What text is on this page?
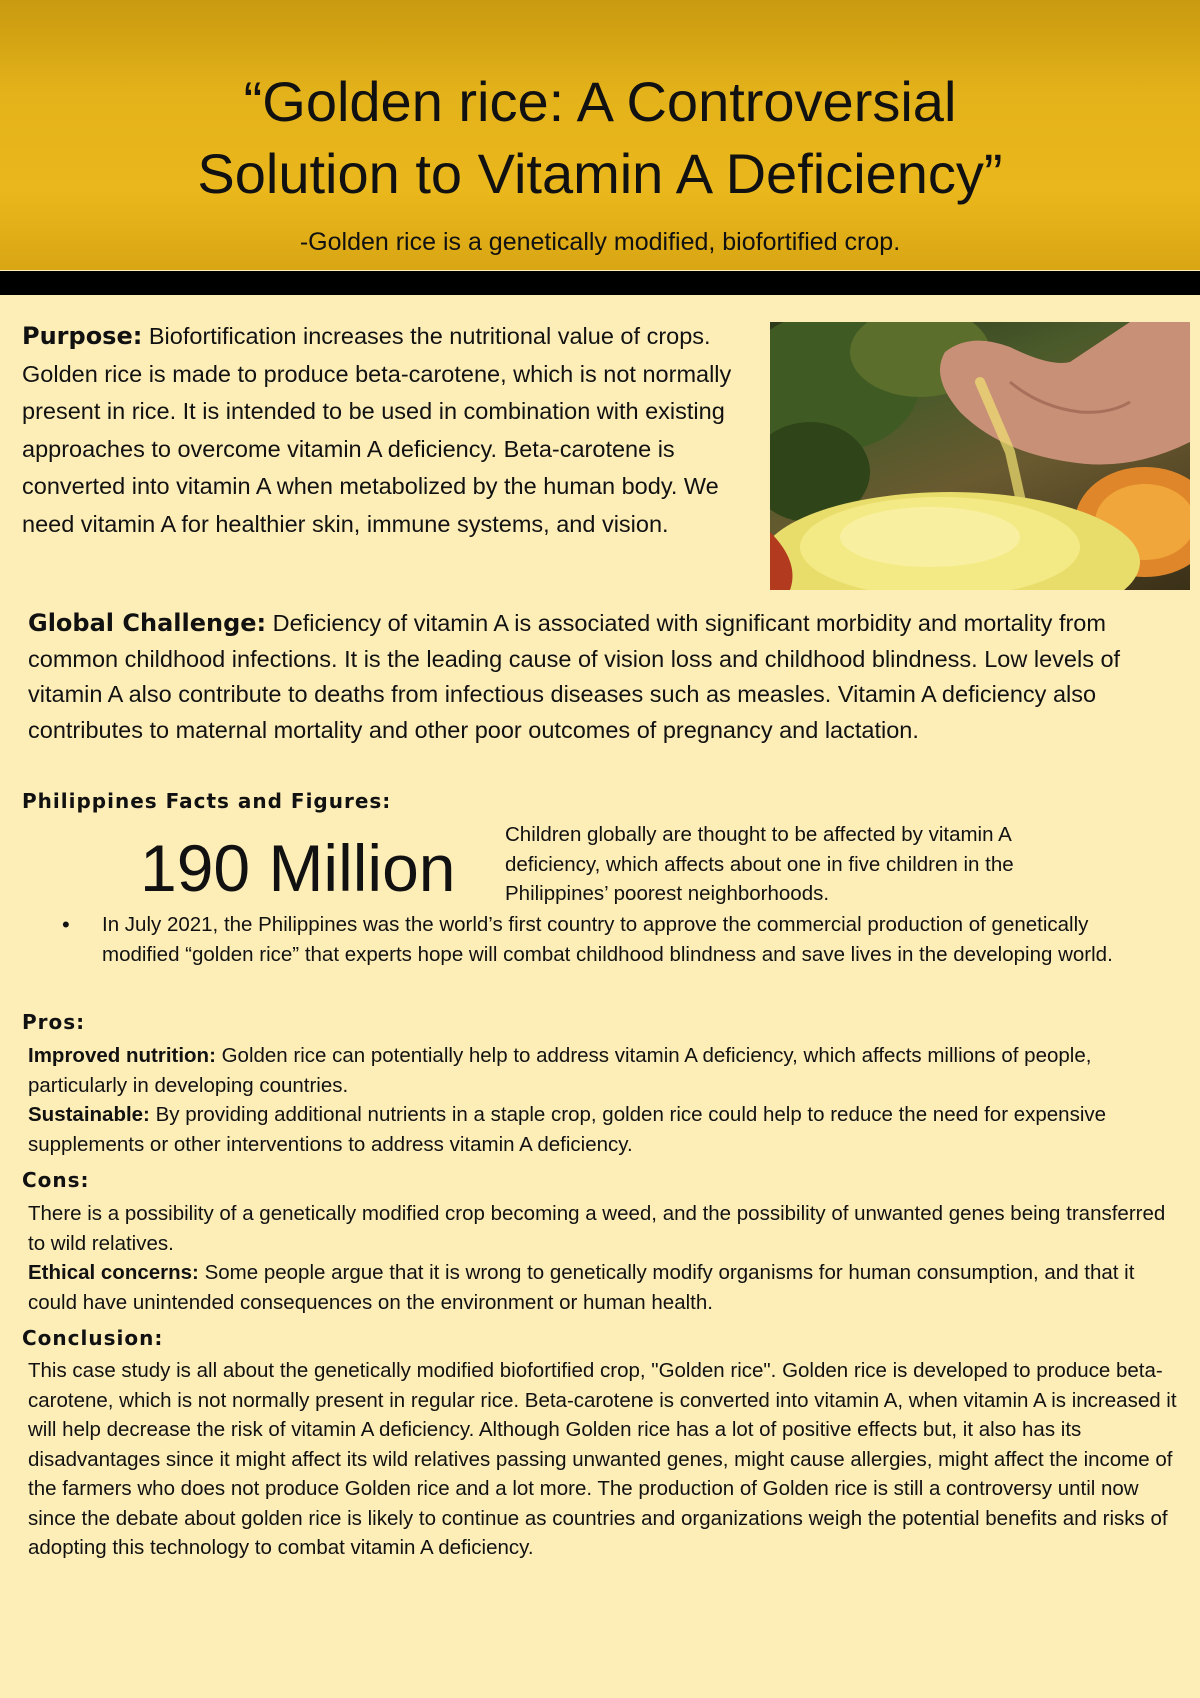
“Golden rice: A Controversial
Solution to Vitamin A Deficiency”
-Golden rice is a genetically modified, biofortified crop.
Purpose: Biofortification increases the nutritional value of crops. Golden rice is made to produce beta-carotene, which is not normally present in rice. It is intended to be used in combination with existing approaches to overcome vitamin A deficiency. Beta-carotene is converted into vitamin A when metabolized by the human body. We need vitamin A for healthier skin, immune systems, and vision.
Global Challenge: Deficiency of vitamin A is associated with significant morbidity and mortality from common childhood infections. It is the leading cause of vision loss and childhood blindness. Low levels of vitamin A also contribute to deaths from infectious diseases such as measles. Vitamin A deficiency also contributes to maternal mortality and other poor outcomes of pregnancy and lactation.
Philippines Facts and Figures:
190 Million	Children globally are thought to be affected by vitamin A deficiency, which affects about one in five children in the Philippines’ poorest neighborhoods.
• In July 2021, the Philippines was the world’s first country to approve the commercial production of genetically modified “golden rice” that experts hope will combat childhood blindness and save lives in the developing world.
Pros:
Improved nutrition: Golden rice can potentially help to address vitamin A deficiency, which affects millions of people, particularly in developing countries.
Sustainable: By providing additional nutrients in a staple crop, golden rice could help to reduce the need for expensive supplements or other interventions to address vitamin A deficiency.
Cons:
There is a possibility of a genetically modified crop becoming a weed, and the possibility of unwanted genes being transferred to wild relatives.
Ethical concerns: Some people argue that it is wrong to genetically modify organisms for human consumption, and that it could have unintended consequences on the environment or human health.
Conclusion:
This case study is all about the genetically modified biofortified crop, "Golden rice". Golden rice is developed to produce beta-carotene, which is not normally present in regular rice. Beta-carotene is converted into vitamin A, when vitamin A is increased it will help decrease the risk of vitamin A deficiency. Although Golden rice has a lot of positive effects but, it also has its disadvantages since it might affect its wild relatives passing unwanted genes, might cause allergies, might affect the income of the farmers who does not produce Golden rice and a lot more. The production of Golden rice is still a controversy until now since the debate about golden rice is likely to continue as countries and organizations weigh the potential benefits and risks of adopting this technology to combat vitamin A deficiency.
